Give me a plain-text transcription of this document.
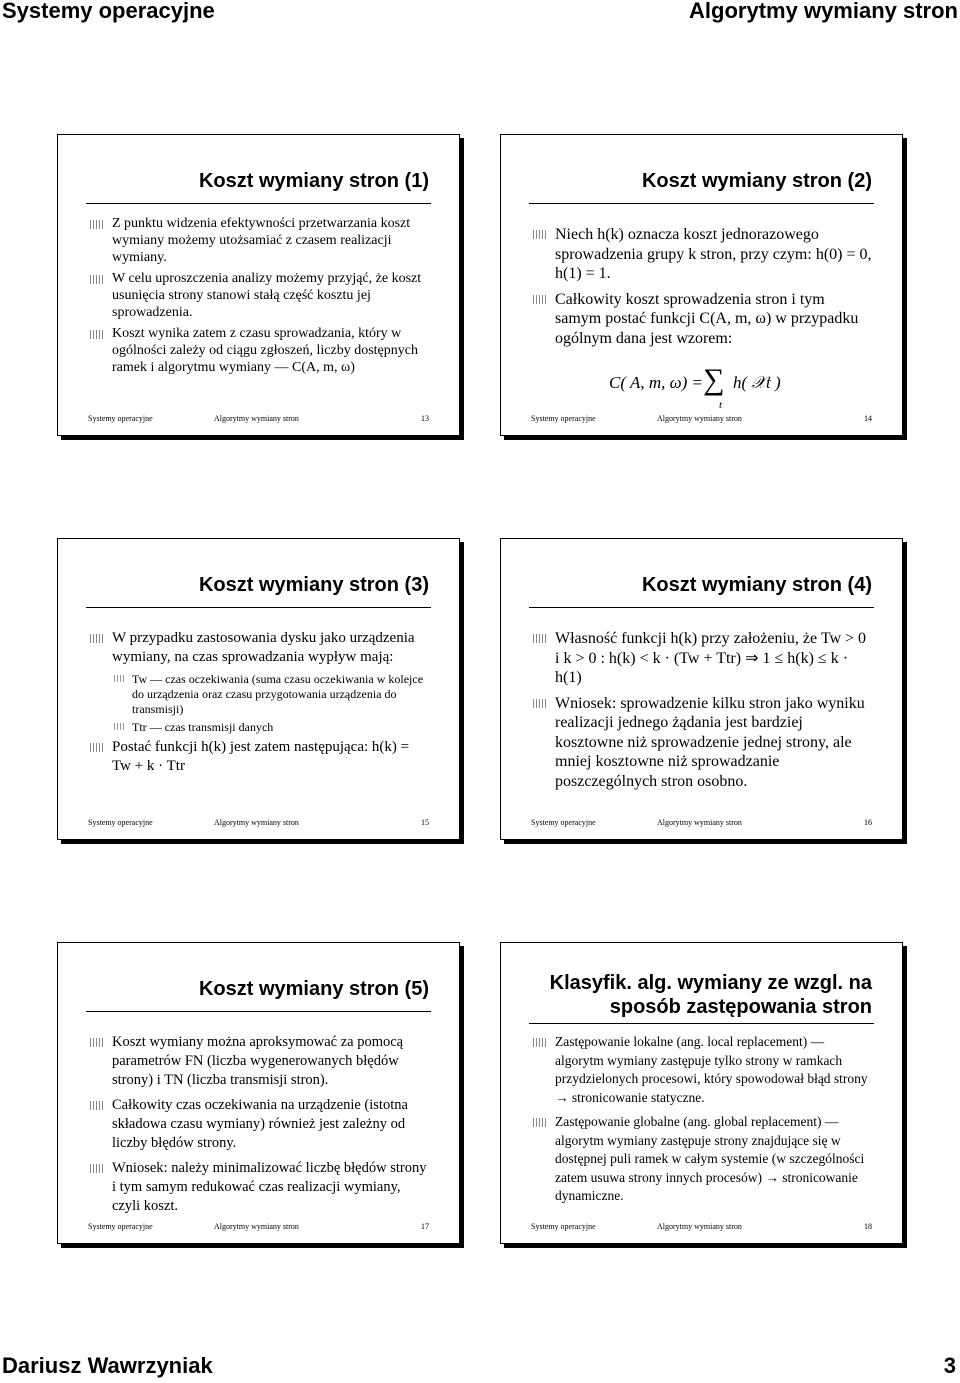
Systemy operacyjne	Algorytmy wymiany stron
Koszt wymiany stron (1)
Z punktu widzenia efektywności przetwarzania koszt wymiany możemy utożsamiać z czasem realizacji wymiany.
W celu uproszczenia analizy możemy przyjąć, że koszt usunięcia strony stanowi stałą część kosztu jej sprowadzenia.
Koszt wynika zatem z czasu sprowadzania, który w ogólności zależy od ciągu zgłoszeń, liczby dostępnych ramek i algorytmu wymiany — C(A, m, ω)
Systemy operacyjne	Algorytmy wymiany stron	13
Koszt wymiany stron (2)
Niech h(k) oznacza koszt jednorazowego sprowadzenia grupy k stron, przy czym: h(0) = 0, h(1) = 1.
Całkowity koszt sprowadzenia stron i tym samym postać funkcji C(A, m, ω) w przypadku ogólnym dana jest wzorem:
C( A, m, ω) = ∑
t
h( 𝒳t )
Systemy operacyjne	Algorytmy wymiany stron	14
Koszt wymiany stron (3)
W przypadku zastosowania dysku jako urządzenia wymiany, na czas sprowadzania wypływ mają:
Tw — czas oczekiwania (suma czasu oczekiwania w kolejce do urządzenia oraz czasu przygotowania urządzenia do transmisji)
Ttr — czas transmisji danych
Postać funkcji h(k) jest zatem następująca: h(k) = Tw + k · Ttr
Systemy operacyjne	Algorytmy wymiany stron	15
Koszt wymiany stron (4)
Własność funkcji h(k) przy założeniu, że Tw > 0 i k > 0 : h(k) < k · (Tw + Ttr) ⇒ 1 ≤ h(k) ≤ k · h(1)
Wniosek: sprowadzenie kilku stron jako wyniku realizacji jednego żądania jest bardziej kosztowne niż sprowadzenie jednej strony, ale mniej kosztowne niż sprowadzanie poszczególnych stron osobno.
Systemy operacyjne	Algorytmy wymiany stron	16
Koszt wymiany stron (5)
Koszt wymiany można aproksymować za pomocą parametrów FN (liczba wygenerowanych błędów strony) i TN (liczba transmisji stron).
Całkowity czas oczekiwania na urządzenie (istotna składowa czasu wymiany) również jest zależny od liczby błędów strony.
Wniosek: należy minimalizować liczbę błędów strony i tym samym redukować czas realizacji wymiany, czyli koszt.
Systemy operacyjne	Algorytmy wymiany stron	17
Klasyfik. alg. wymiany ze wzgl. na sposób zastępowania stron
Zastępowanie lokalne (ang. local replacement) — algorytm wymiany zastępuje tylko strony w ramkach przydzielonych procesowi, który spowodował błąd strony → stronicowanie statyczne.
Zastępowanie globalne (ang. global replacement) — algorytm wymiany zastępuje strony znajdujące się w dostępnej puli ramek w całym systemie (w szczególności zatem usuwa strony innych procesów) → stronicowanie dynamiczne.
Systemy operacyjne	Algorytmy wymiany stron	18
Dariusz Wawrzyniak	3
